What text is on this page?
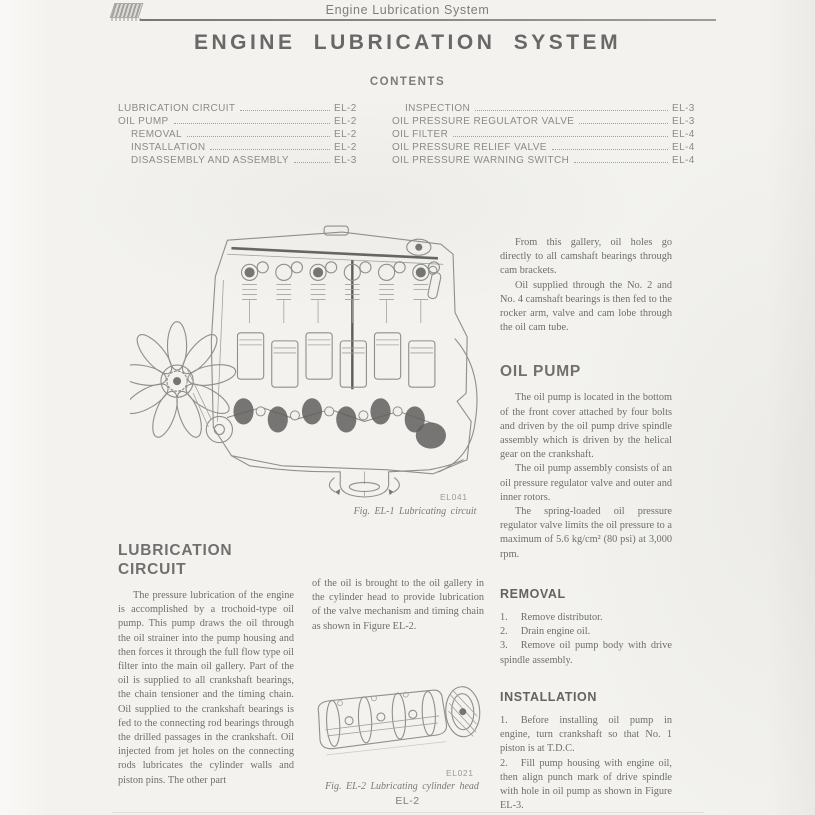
Engine Lubrication System
ENGINE LUBRICATION SYSTEM
CONTENTS
LUBRICATION CIRCUIT	EL-2
OIL PUMP	EL-2
REMOVAL	EL-2
INSTALLATION	EL-2
DISASSEMBLY AND ASSEMBLY	EL-3
INSPECTION	EL-3
OIL PRESSURE REGULATOR VALVE	EL-3
OIL FILTER	EL-4
OIL PRESSURE RELIEF VALVE	EL-4
OIL PRESSURE WARNING SWITCH	EL-4
EL041
Fig. EL-1 Lubricating circuit
LUBRICATION CIRCUIT

The pressure lubrication of the engine is accomplished by a trochoid-type oil pump. This pump draws the oil through the oil strainer into the pump housing and then forces it through the full flow type oil filter into the main oil gallery. Part of the oil is supplied to all crankshaft bearings, the chain tensioner and the timing chain. Oil supplied to the crankshaft bearings is fed to the connecting rod bearings through the drilled passages in the crankshaft. Oil injected from jet holes on the connecting rods lubricates the cylinder walls and piston pins. The other part

of the oil is brought to the oil gallery in the cylinder head to provide lubrication of the valve mechanism and timing chain as shown in Figure EL-2.

EL021
Fig. EL-2 Lubricating cylinder head

From this gallery, oil holes go directly to all camshaft bearings through cam brackets.

Oil supplied through the No. 2 and No. 4 camshaft bearings is then fed to the rocker arm, valve and cam lobe through the oil cam tube.

OIL PUMP

The oil pump is located in the bottom of the front cover attached by four bolts and driven by the oil pump drive spindle assembly which is driven by the helical gear on the crankshaft.

The oil pump assembly consists of an oil pressure regulator valve and outer and inner rotors.

The spring-loaded oil pressure regulator valve limits the oil pressure to a maximum of 5.6 kg/cm² (80 psi) at 3,000 rpm.

REMOVAL

1. Remove distributor.

2. Drain engine oil.

3. Remove oil pump body with drive spindle assembly.

INSTALLATION

1. Before installing oil pump in engine, turn crankshaft so that No. 1 piston is at T.D.C.

2. Fill pump housing with engine oil, then align punch mark of drive spindle with hole in oil pump as shown in Figure EL-3.

EL-2
